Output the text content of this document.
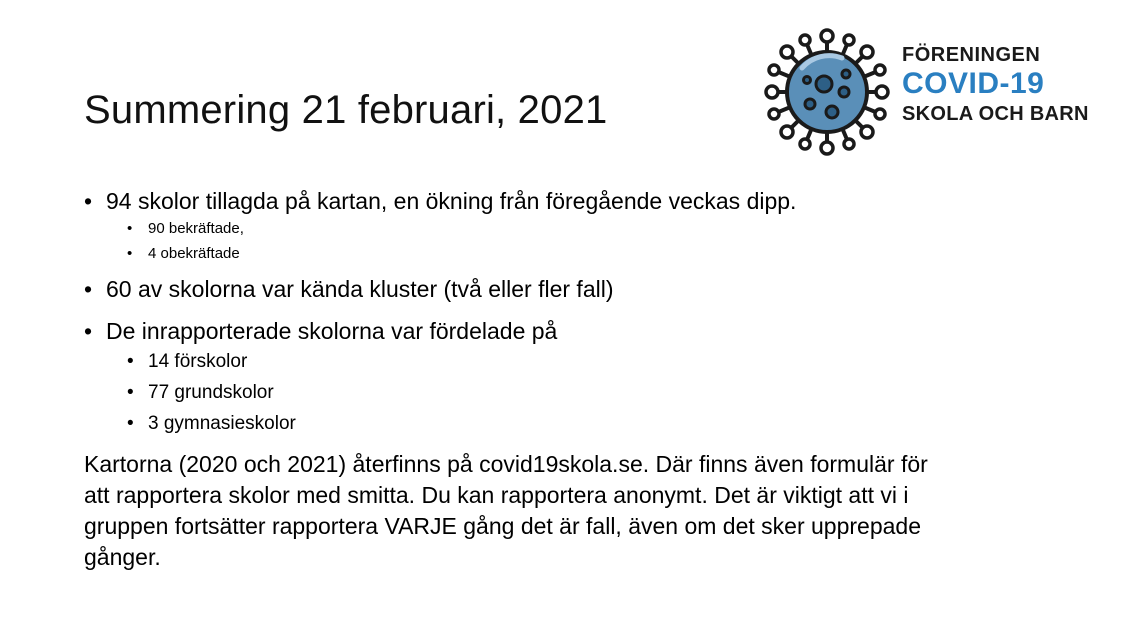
Summering 21 februari, 2021
FÖRENINGEN
COVID-19
SKOLA OCH BARN
• 94 skolor tillagda på kartan, en ökning från föregående veckas dipp.
• 90 bekräftade,
• 4 obekräftade
• 60 av skolorna var kända kluster (två eller fler fall)
• De inrapporterade skolorna var fördelade på
• 14 förskolor
• 77 grundskolor
• 3 gymnasieskolor
Kartorna (2020 och 2021) återfinns på covid19skola.se. Där finns även formulär för att rapportera skolor med smitta. Du kan rapportera anonymt. Det är viktigt att vi i gruppen fortsätter rapportera VARJE gång det är fall, även om det sker upprepade gånger.
